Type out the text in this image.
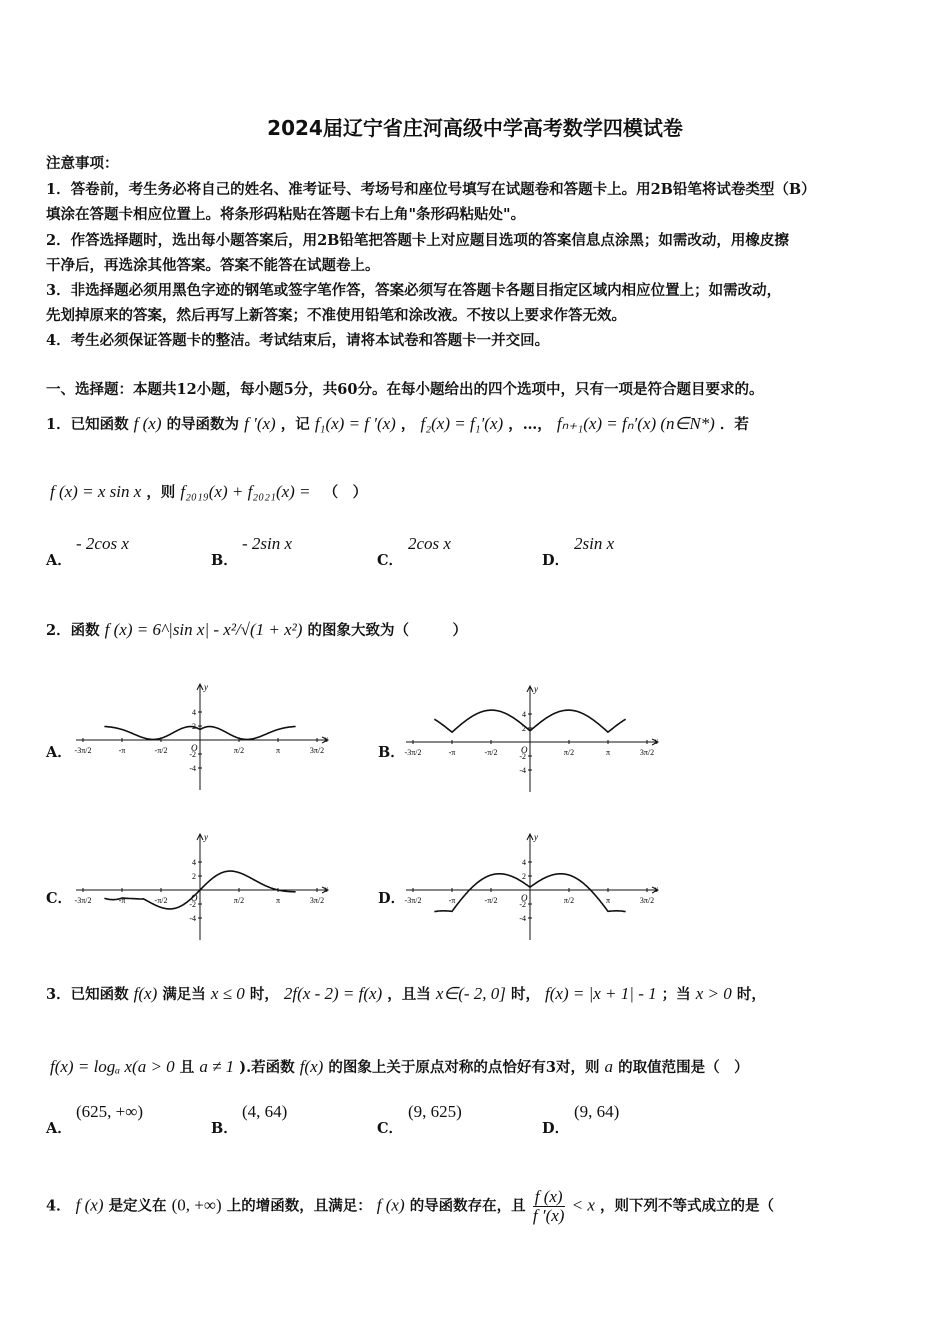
2024届辽宁省庄河高级中学高考数学四模试卷
注意事项：
1．答卷前，考生务必将自己的姓名、准考证号、考场号和座位号填写在试题卷和答题卡上。用2B铅笔将试卷类型（B）
填涂在答题卡相应位置上。将条形码粘贴在答题卡右上角"条形码粘贴处"。
2．作答选择题时，选出每小题答案后，用2B铅笔把答题卡上对应题目选项的答案信息点涂黑；如需改动，用橡皮擦
干净后，再选涂其他答案。答案不能答在试题卷上。
3．非选择题必须用黑色字迹的钢笔或签字笔作答，答案必须写在答题卡各题目指定区域内相应位置上；如需改动，
先划掉原来的答案，然后再写上新答案；不准使用铅笔和涂改液。不按以上要求作答无效。
4．考生必须保证答题卡的整洁。考试结束后，请将本试卷和答题卡一并交回。
一、选择题：本题共12小题，每小题5分，共60分。在每小题给出的四个选项中，只有一项是符合题目要求的。
1．已知函数 f (x) 的导函数为 f ′(x) ，记 f₁(x) = f ′(x) ， f₂(x) = f₁′(x) ，…， fₙ₊₁(x) = fₙ′(x) (n∈N*) ．若
f (x) = x sin x ，则 f₂₀₁₉(x) + f₂₀₂₁(x) = （　）
A．
- 2cos x
B．
- 2sin x
C．
2cos x
D．
2sin x
2．函数 f (x) = 6^|sin x| - x²/√(1 + x²) 的图象大致为（　　　）
A．
x
y
-3π/2	-π	-π/2	O	π/2	π	3π/2
4
2
-2
-4
B．
x
y
-3π/2	-π	-π/2	O	π/2	π	3π/2
4
2
-2
-4
C．
x
y
-3π/2	-π	-π/2	O	π/2	π	3π/2
4
2
-2
-4
D．
x
y
-3π/2	-π	-π/2	O	π/2	π	3π/2
4
2
-2
-4
3．已知函数 f(x) 满足当 x ≤ 0 时， 2f(x - 2) = f(x) ，且当 x∈(- 2, 0] 时， f(x) = |x + 1| - 1 ；当 x > 0 时，
f(x) = logₐ x(a > 0 且 a ≠ 1 ).若函数 f(x) 的图象上关于原点对称的点恰好有3对，则 a 的取值范围是（　）
A．
(625, +∞)
B．
(4, 64)
C．
(9, 625)
D．
(9, 64)
4． f (x) 是定义在 (0, +∞) 上的增函数，且满足： f (x) 的导函数存在，且 $\frac{f (x)}{f '(x)} < x$ ，则下列不等式成立的是（
